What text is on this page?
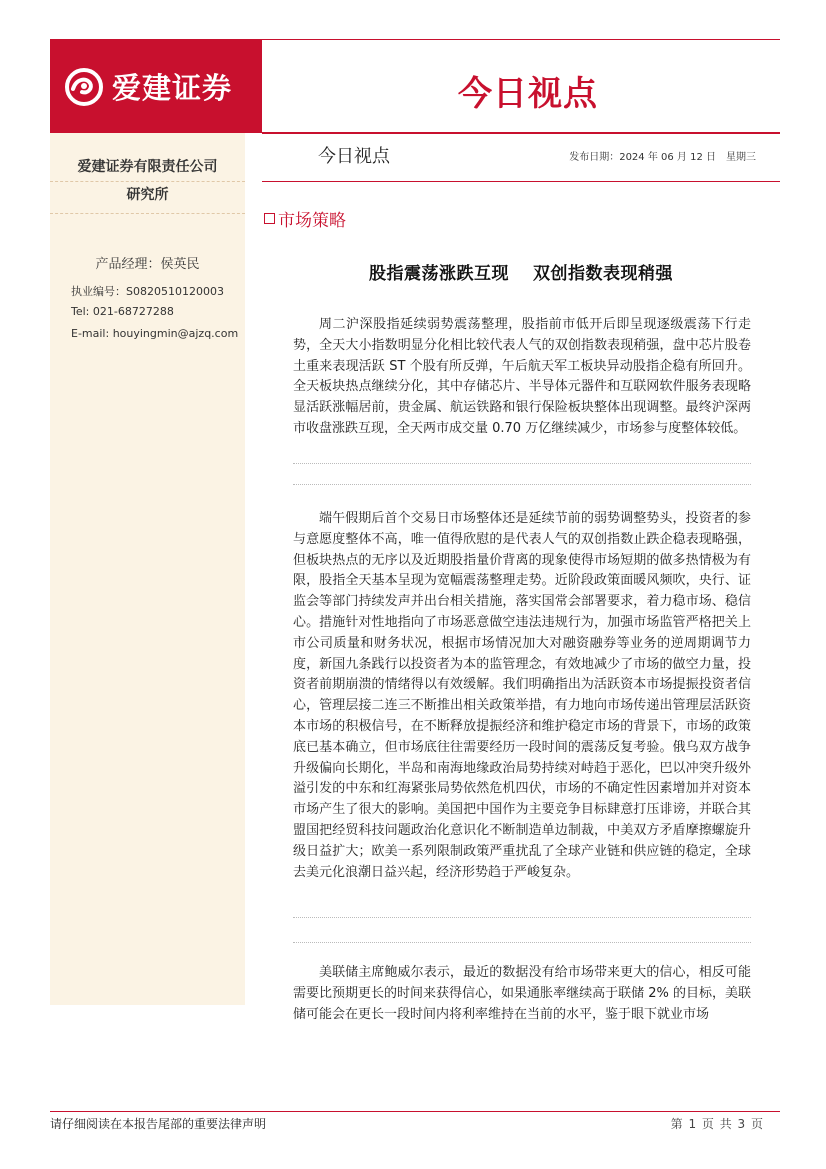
爱建证券	今日视点
爱建证券有限责任公司
研究所
产品经理：侯英民
执业编号：S0820510120003
Tel: 021-68727288
E-mail: houyingmin@ajzq.com
今日视点	发布日期：2024 年 06 月 12 日　星期三
市场策略
股指震荡涨跌互现　 双创指数表现稍强

周二沪深股指延续弱势震荡整理，股指前市低开后即呈现逐级震荡下行走势，全天大小指数明显分化相比较代表人气的双创指数表现稍强，盘中芯片股卷土重来表现活跃 ST 个股有所反弹，午后航天军工板块异动股指企稳有所回升。全天板块热点继续分化，其中存储芯片、半导体元器件和互联网软件服务表现略显活跃涨幅居前，贵金属、航运铁路和银行保险板块整体出现调整。最终沪深两市收盘涨跌互现，全天两市成交量 0.70 万亿继续减少，市场参与度整体较低。

端午假期后首个交易日市场整体还是延续节前的弱势调整势头，投资者的参与意愿度整体不高，唯一值得欣慰的是代表人气的双创指数止跌企稳表现略强，但板块热点的无序以及近期股指量价背离的现象使得市场短期的做多热情极为有限，股指全天基本呈现为宽幅震荡整理走势。近阶段政策面暖风频吹，央行、证监会等部门持续发声并出台相关措施，落实国常会部署要求，着力稳市场、稳信心。措施针对性地指向了市场恶意做空违法违规行为，加强市场监管严格把关上市公司质量和财务状况，根据市场情况加大对融资融券等业务的逆周期调节力度，新国九条践行以投资者为本的监管理念，有效地减少了市场的做空力量，投资者前期崩溃的情绪得以有效缓解。我们明确指出为活跃资本市场提振投资者信心，管理层接二连三不断推出相关政策举措，有力地向市场传递出管理层活跃资本市场的积极信号，在不断释放提振经济和维护稳定市场的背景下，市场的政策底已基本确立，但市场底往往需要经历一段时间的震荡反复考验。俄乌双方战争升级偏向长期化，半岛和南海地缘政治局势持续对峙趋于恶化，巴以冲突升级外溢引发的中东和红海紧张局势依然危机四伏，市场的不确定性因素增加并对资本市场产生了很大的影响。美国把中国作为主要竞争目标肆意打压诽谤，并联合其盟国把经贸科技问题政治化意识化不断制造单边制裁，中美双方矛盾摩擦螺旋升级日益扩大；欧美一系列限制政策严重扰乱了全球产业链和供应链的稳定，全球去美元化浪潮日益兴起，经济形势趋于严峻复杂。

美联储主席鲍威尔表示，最近的数据没有给市场带来更大的信心，相反可能需要比预期更长的时间来获得信心，如果通胀率继续高于联储 2% 的目标，美联储可能会在更长一段时间内将利率维持在当前的水平，鉴于眼下就业市场

请仔细阅读在本报告尾部的重要法律声明	第 1 页 共 3 页
